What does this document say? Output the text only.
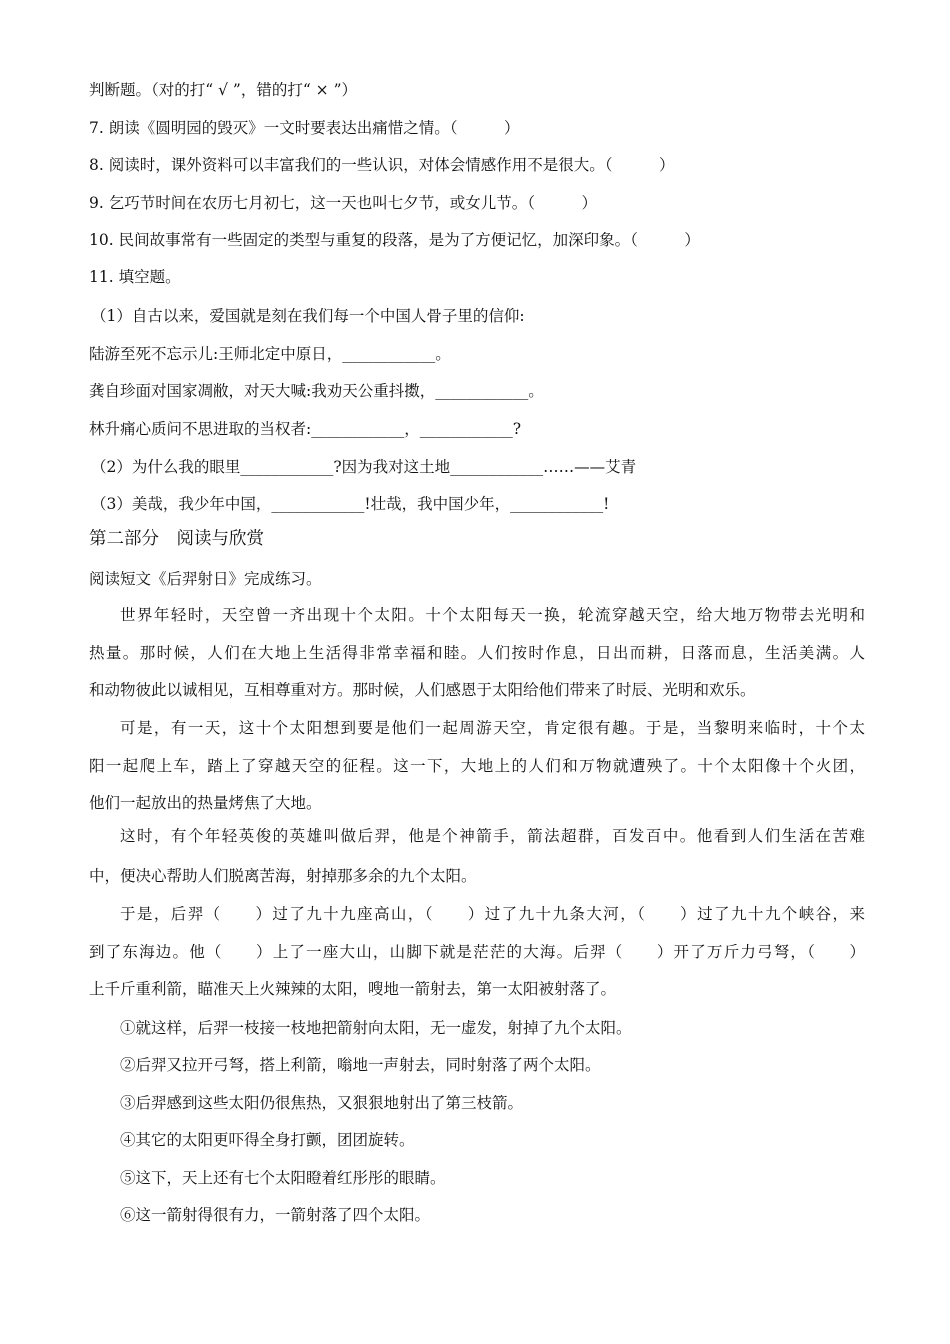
判断题。（对的打“ √ ”，错的打“ × ”）
7. 朗读《圆明园的毁灭》一文时要表达出痛惜之情。（　　　）
8. 阅读时，课外资料可以丰富我们的一些认识，对体会情感作用不是很大。（　　　）
9. 乞巧节时间在农历七月初七，这一天也叫七夕节，或女儿节。（　　　）
10. 民间故事常有一些固定的类型与重复的段落，是为了方便记忆，加深印象。（　　　）
11. 填空题。
（1）自古以来，爱国就是刻在我们每一个中国人骨子里的信仰:
陆游至死不忘示儿:王师北定中原日，____________。
龚自珍面对国家凋敝，对天大喊:我劝天公重抖擞，____________。
林升痛心质问不思进取的当权者:____________，____________?
（2）为什么我的眼里____________?因为我对这土地____________……——艾青
（3）美哉，我少年中国，____________!壮哉，我中国少年，____________!
第二部分　阅读与欣赏
阅读短文《后羿射日》完成练习。
世界年轻时，天空曾一齐出现十个太阳。十个太阳每天一换，轮流穿越天空，给大地万物带去光明和
热量。那时候，人们在大地上生活得非常幸福和睦。人们按时作息，日出而耕，日落而息，生活美满。人
和动物彼此以诚相见，互相尊重对方。那时候，人们感恩于太阳给他们带来了时辰、光明和欢乐。
可是，有一天，这十个太阳想到要是他们一起周游天空，肯定很有趣。于是，当黎明来临时，十个太
阳一起爬上车，踏上了穿越天空的征程。这一下，大地上的人们和万物就遭殃了。十个太阳像十个火团，
他们一起放出的热量烤焦了大地。
这时，有个年轻英俊的英雄叫做后羿，他是个神箭手，箭法超群，百发百中。他看到人们生 ·活 ·在苦难
中，便决心帮助人们脱离苦海，射掉那多余的九个太阳。
于是，后羿（　　）过了九十九座高山，（　　）过了九十九条大河，（　　）过了九十九个峡谷，来
到了东海边。他（　　）上了一座大山，山脚下就是茫茫的大海。后羿（　　）开了万斤力弓弩，（　　）
上千斤重利箭，瞄准天上火辣辣的太阳，嗖地一箭射去，第一太阳被射落了。
①就这样，后羿一枝接一枝地把箭射向太阳，无一虚发，射掉了九个太阳。
②后羿又拉开弓弩，搭上利箭，嗡地一声射去，同时射落了两个太阳。
③后羿感到这些太阳仍很焦热，又狠狠地射出了第三枝箭。
④其它的太阳更吓得全身打颤，团团旋转。
⑤这下，天上还有七个太阳瞪着红彤彤的眼睛。
⑥这一箭射得很有力，一箭射落了四个太阳。
